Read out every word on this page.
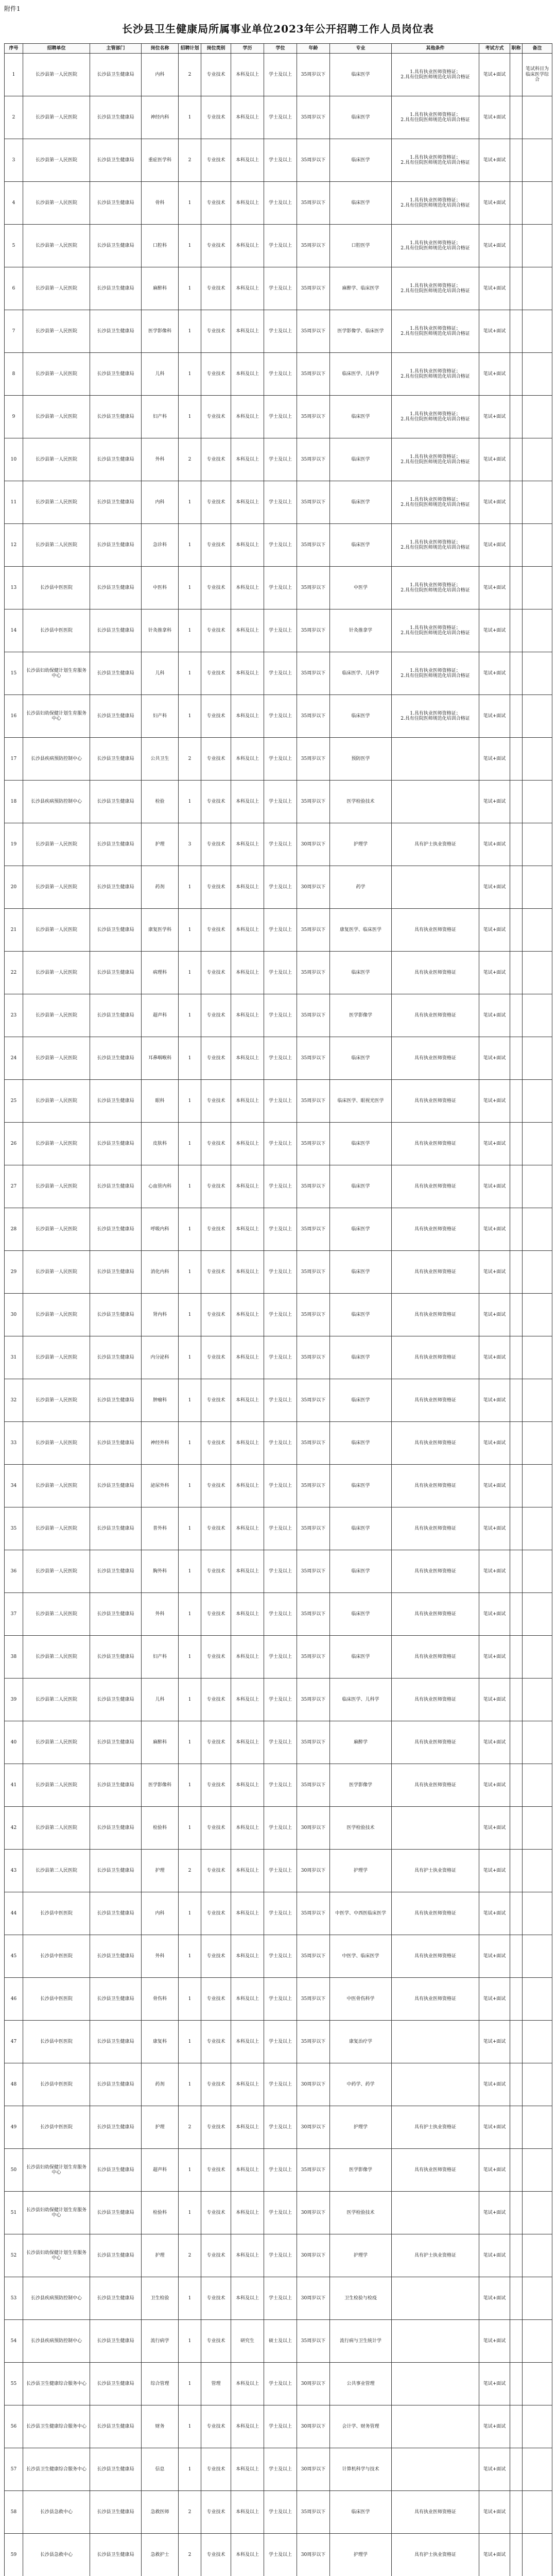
附件1
长沙县卫生健康局所属事业单位2023年公开招聘工作人员岗位表
序号	招聘单位	主管部门	岗位名称	招聘计划	岗位类别	学历	学位	年龄	专业	其他条件	考试方式	职称	备注
1	长沙县第一人民医院	长沙县卫生健康局	内科	2	专业技术	本科及以上	学士及以上	35周岁以下	临床医学	1.具有执业医师资格证；
2.具有住院医师规范化培训合格证	笔试+面试		笔试科目为临床医学综合
2	长沙县第一人民医院	长沙县卫生健康局	神经内科	1	专业技术	本科及以上	学士及以上	35周岁以下	临床医学	1.具有执业医师资格证；
2.具有住院医师规范化培训合格证	笔试+面试		
3	长沙县第一人民医院	长沙县卫生健康局	重症医学科	2	专业技术	本科及以上	学士及以上	35周岁以下	临床医学	1.具有执业医师资格证；
2.具有住院医师规范化培训合格证	笔试+面试		
4	长沙县第一人民医院	长沙县卫生健康局	骨科	1	专业技术	本科及以上	学士及以上	35周岁以下	临床医学	1.具有执业医师资格证；
2.具有住院医师规范化培训合格证	笔试+面试		
5	长沙县第一人民医院	长沙县卫生健康局	口腔科	1	专业技术	本科及以上	学士及以上	35周岁以下	口腔医学	1.具有执业医师资格证；
2.具有住院医师规范化培训合格证	笔试+面试		
6	长沙县第一人民医院	长沙县卫生健康局	麻醉科	1	专业技术	本科及以上	学士及以上	35周岁以下	麻醉学、临床医学	1.具有执业医师资格证；
2.具有住院医师规范化培训合格证	笔试+面试		
7	长沙县第一人民医院	长沙县卫生健康局	医学影像科	1	专业技术	本科及以上	学士及以上	35周岁以下	医学影像学、临床医学	1.具有执业医师资格证；
2.具有住院医师规范化培训合格证	笔试+面试		
8	长沙县第一人民医院	长沙县卫生健康局	儿科	1	专业技术	本科及以上	学士及以上	35周岁以下	临床医学、儿科学	1.具有执业医师资格证；
2.具有住院医师规范化培训合格证	笔试+面试		
9	长沙县第一人民医院	长沙县卫生健康局	妇产科	1	专业技术	本科及以上	学士及以上	35周岁以下	临床医学	1.具有执业医师资格证；
2.具有住院医师规范化培训合格证	笔试+面试		
10	长沙县第一人民医院	长沙县卫生健康局	外科	2	专业技术	本科及以上	学士及以上	35周岁以下	临床医学	1.具有执业医师资格证；
2.具有住院医师规范化培训合格证	笔试+面试		
11	长沙县第二人民医院	长沙县卫生健康局	内科	1	专业技术	本科及以上	学士及以上	35周岁以下	临床医学	1.具有执业医师资格证；
2.具有住院医师规范化培训合格证	笔试+面试		
12	长沙县第二人民医院	长沙县卫生健康局	急诊科	1	专业技术	本科及以上	学士及以上	35周岁以下	临床医学	1.具有执业医师资格证；
2.具有住院医师规范化培训合格证	笔试+面试		
13	长沙县中医医院	长沙县卫生健康局	中医科	1	专业技术	本科及以上	学士及以上	35周岁以下	中医学	1.具有执业医师资格证；
2.具有住院医师规范化培训合格证	笔试+面试		
14	长沙县中医医院	长沙县卫生健康局	针灸推拿科	1	专业技术	本科及以上	学士及以上	35周岁以下	针灸推拿学	1.具有执业医师资格证；
2.具有住院医师规范化培训合格证	笔试+面试		
15	长沙县妇幼保健计划生育服务中心	长沙县卫生健康局	儿科	1	专业技术	本科及以上	学士及以上	35周岁以下	临床医学、儿科学	1.具有执业医师资格证；
2.具有住院医师规范化培训合格证	笔试+面试		
16	长沙县妇幼保健计划生育服务中心	长沙县卫生健康局	妇产科	1	专业技术	本科及以上	学士及以上	35周岁以下	临床医学	1.具有执业医师资格证；
2.具有住院医师规范化培训合格证	笔试+面试		
17	长沙县疾病预防控制中心	长沙县卫生健康局	公共卫生	2	专业技术	本科及以上	学士及以上	35周岁以下	预防医学		笔试+面试		
18	长沙县疾病预防控制中心	长沙县卫生健康局	检验	1	专业技术	本科及以上	学士及以上	35周岁以下	医学检验技术		笔试+面试		
19	长沙县第一人民医院	长沙县卫生健康局	护理	3	专业技术	本科及以上	学士及以上	30周岁以下	护理学	具有护士执业资格证	笔试+面试		
20	长沙县第一人民医院	长沙县卫生健康局	药剂	1	专业技术	本科及以上	学士及以上	30周岁以下	药学		笔试+面试		
21	长沙县第一人民医院	长沙县卫生健康局	康复医学科	1	专业技术	本科及以上	学士及以上	35周岁以下	康复医学、临床医学	具有执业医师资格证	笔试+面试		
22	长沙县第一人民医院	长沙县卫生健康局	病理科	1	专业技术	本科及以上	学士及以上	35周岁以下	临床医学	具有执业医师资格证	笔试+面试		
23	长沙县第一人民医院	长沙县卫生健康局	超声科	1	专业技术	本科及以上	学士及以上	35周岁以下	医学影像学	具有执业医师资格证	笔试+面试		
24	长沙县第一人民医院	长沙县卫生健康局	耳鼻咽喉科	1	专业技术	本科及以上	学士及以上	35周岁以下	临床医学	具有执业医师资格证	笔试+面试		
25	长沙县第一人民医院	长沙县卫生健康局	眼科	1	专业技术	本科及以上	学士及以上	35周岁以下	临床医学、眼视光医学	具有执业医师资格证	笔试+面试		
26	长沙县第一人民医院	长沙县卫生健康局	皮肤科	1	专业技术	本科及以上	学士及以上	35周岁以下	临床医学	具有执业医师资格证	笔试+面试		
27	长沙县第一人民医院	长沙县卫生健康局	心血管内科	1	专业技术	本科及以上	学士及以上	35周岁以下	临床医学	具有执业医师资格证	笔试+面试		
28	长沙县第一人民医院	长沙县卫生健康局	呼吸内科	1	专业技术	本科及以上	学士及以上	35周岁以下	临床医学	具有执业医师资格证	笔试+面试		
29	长沙县第一人民医院	长沙县卫生健康局	消化内科	1	专业技术	本科及以上	学士及以上	35周岁以下	临床医学	具有执业医师资格证	笔试+面试		
30	长沙县第一人民医院	长沙县卫生健康局	肾内科	1	专业技术	本科及以上	学士及以上	35周岁以下	临床医学	具有执业医师资格证	笔试+面试		
31	长沙县第一人民医院	长沙县卫生健康局	内分泌科	1	专业技术	本科及以上	学士及以上	35周岁以下	临床医学	具有执业医师资格证	笔试+面试		
32	长沙县第一人民医院	长沙县卫生健康局	肿瘤科	1	专业技术	本科及以上	学士及以上	35周岁以下	临床医学	具有执业医师资格证	笔试+面试		
33	长沙县第一人民医院	长沙县卫生健康局	神经外科	1	专业技术	本科及以上	学士及以上	35周岁以下	临床医学	具有执业医师资格证	笔试+面试		
34	长沙县第一人民医院	长沙县卫生健康局	泌尿外科	1	专业技术	本科及以上	学士及以上	35周岁以下	临床医学	具有执业医师资格证	笔试+面试		
35	长沙县第一人民医院	长沙县卫生健康局	普外科	1	专业技术	本科及以上	学士及以上	35周岁以下	临床医学	具有执业医师资格证	笔试+面试		
36	长沙县第一人民医院	长沙县卫生健康局	胸外科	1	专业技术	本科及以上	学士及以上	35周岁以下	临床医学	具有执业医师资格证	笔试+面试		
37	长沙县第二人民医院	长沙县卫生健康局	外科	1	专业技术	本科及以上	学士及以上	35周岁以下	临床医学	具有执业医师资格证	笔试+面试		
38	长沙县第二人民医院	长沙县卫生健康局	妇产科	1	专业技术	本科及以上	学士及以上	35周岁以下	临床医学	具有执业医师资格证	笔试+面试		
39	长沙县第二人民医院	长沙县卫生健康局	儿科	1	专业技术	本科及以上	学士及以上	35周岁以下	临床医学、儿科学	具有执业医师资格证	笔试+面试		
40	长沙县第二人民医院	长沙县卫生健康局	麻醉科	1	专业技术	本科及以上	学士及以上	35周岁以下	麻醉学	具有执业医师资格证	笔试+面试		
41	长沙县第二人民医院	长沙县卫生健康局	医学影像科	1	专业技术	本科及以上	学士及以上	35周岁以下	医学影像学	具有执业医师资格证	笔试+面试		
42	长沙县第二人民医院	长沙县卫生健康局	检验科	1	专业技术	本科及以上	学士及以上	30周岁以下	医学检验技术		笔试+面试		
43	长沙县第二人民医院	长沙县卫生健康局	护理	2	专业技术	本科及以上	学士及以上	30周岁以下	护理学	具有护士执业资格证	笔试+面试		
44	长沙县中医医院	长沙县卫生健康局	内科	1	专业技术	本科及以上	学士及以上	35周岁以下	中医学、中西医临床医学	具有执业医师资格证	笔试+面试		
45	长沙县中医医院	长沙县卫生健康局	外科	1	专业技术	本科及以上	学士及以上	35周岁以下	中医学、临床医学	具有执业医师资格证	笔试+面试		
46	长沙县中医医院	长沙县卫生健康局	骨伤科	1	专业技术	本科及以上	学士及以上	35周岁以下	中医骨伤科学	具有执业医师资格证	笔试+面试		
47	长沙县中医医院	长沙县卫生健康局	康复科	1	专业技术	本科及以上	学士及以上	35周岁以下	康复治疗学		笔试+面试		
48	长沙县中医医院	长沙县卫生健康局	药剂	1	专业技术	本科及以上	学士及以上	30周岁以下	中药学、药学		笔试+面试		
49	长沙县中医医院	长沙县卫生健康局	护理	2	专业技术	本科及以上	学士及以上	30周岁以下	护理学	具有护士执业资格证	笔试+面试		
50	长沙县妇幼保健计划生育服务中心	长沙县卫生健康局	超声科	1	专业技术	本科及以上	学士及以上	35周岁以下	医学影像学	具有执业医师资格证	笔试+面试		
51	长沙县妇幼保健计划生育服务中心	长沙县卫生健康局	检验科	1	专业技术	本科及以上	学士及以上	30周岁以下	医学检验技术		笔试+面试		
52	长沙县妇幼保健计划生育服务中心	长沙县卫生健康局	护理	2	专业技术	本科及以上	学士及以上	30周岁以下	护理学	具有护士执业资格证	笔试+面试		
53	长沙县疾病预防控制中心	长沙县卫生健康局	卫生检验	1	专业技术	本科及以上	学士及以上	30周岁以下	卫生检验与检疫		笔试+面试		
54	长沙县疾病预防控制中心	长沙县卫生健康局	流行病学	1	专业技术	研究生	硕士及以上	35周岁以下	流行病与卫生统计学		笔试+面试		
55	长沙县卫生健康综合服务中心	长沙县卫生健康局	综合管理	1	管理	本科及以上	学士及以上	30周岁以下	公共事业管理		笔试+面试		
56	长沙县卫生健康综合服务中心	长沙县卫生健康局	财务	1	专业技术	本科及以上	学士及以上	30周岁以下	会计学、财务管理		笔试+面试		
57	长沙县卫生健康综合服务中心	长沙县卫生健康局	信息	1	专业技术	本科及以上	学士及以上	30周岁以下	计算机科学与技术		笔试+面试		
58	长沙县急救中心	长沙县卫生健康局	急救医师	2	专业技术	本科及以上	学士及以上	35周岁以下	临床医学	具有执业医师资格证	笔试+面试		
59	长沙县急救中心	长沙县卫生健康局	急救护士	2	专业技术	本科及以上	学士及以上	30周岁以下	护理学	具有护士执业资格证	笔试+面试		
